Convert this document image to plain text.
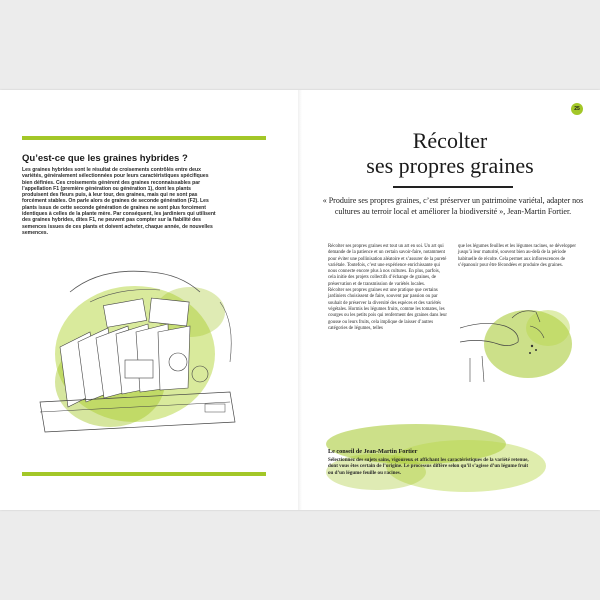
Qu’est-ce que les graines hybrides ?

Les graines hybrides sont le résultat de croisements contrôlés entre deux variétés, généralement sélectionnées pour leurs caractéristiques spécifiques bien définies. Ces croisements génèrent des graines reconnaissables par l’appellation F1 (première génération ou génération 1), dont les plants produisent des fleurs puis, à leur tour, des graines, mais qui ne sont pas forcément stables. On parle alors de graines de seconde génération (F2). Les plants issus de cette seconde génération de graines ne sont plus forcément identiques à celles de la plante mère. Par conséquent, les jardiniers qui utilisent des graines hybrides, dites F1, ne peuvent pas compter sur la fiabilité des semences issues de ces plants et doivent acheter, chaque année, de nouvelles semences.

25
Récolter
ses propres graines

« Produire ses propres graines, c’est préserver un patrimoine variétal, adapter nos cultures au terroir local et améliorer la biodiversité », Jean-Martin Fortier.

Récolter ses propres graines est tout un art en soi. Un art qui demande de la patience et un certain savoir-faire, notamment pour éviter une pollinisation aléatoire et s’assurer de la pureté variétale. Toutefois, c’est une expérience enrichissante qui nous connecte encore plus à nos cultures. En plus, parfois, cela initie des projets collectifs d’échange de graines, de préservation et de transmission de variétés locales.

Récolter ses propres graines est une pratique que certains jardiniers choisissent de faire, souvent par passion ou par souhait de préserver la diversité des espèces et des variétés végétales. Hormis les légumes fruits, comme les tomates, les courges ou les petits pois qui renferment des graines dans leur gousse ou leurs fruits, cela implique de laisser d’autres catégories de légumes, telles

que les légumes feuilles et les légumes racines, se développer jusqu’à leur maturité, souvent bien au-delà de la période habituelle de récolte. Cela permet aux inflorescences de s’épanouir pour être fécondées et produire des graines.

Le conseil de Jean-Martin Fortier

Sélectionnez des sujets sains, vigoureux et affichant les caractéristiques de la variété retenue, dont vous êtes certain de l’origine. Le processus diffère selon qu’il s’agisse d’un légume fruit ou d’un légume feuille ou racines.
